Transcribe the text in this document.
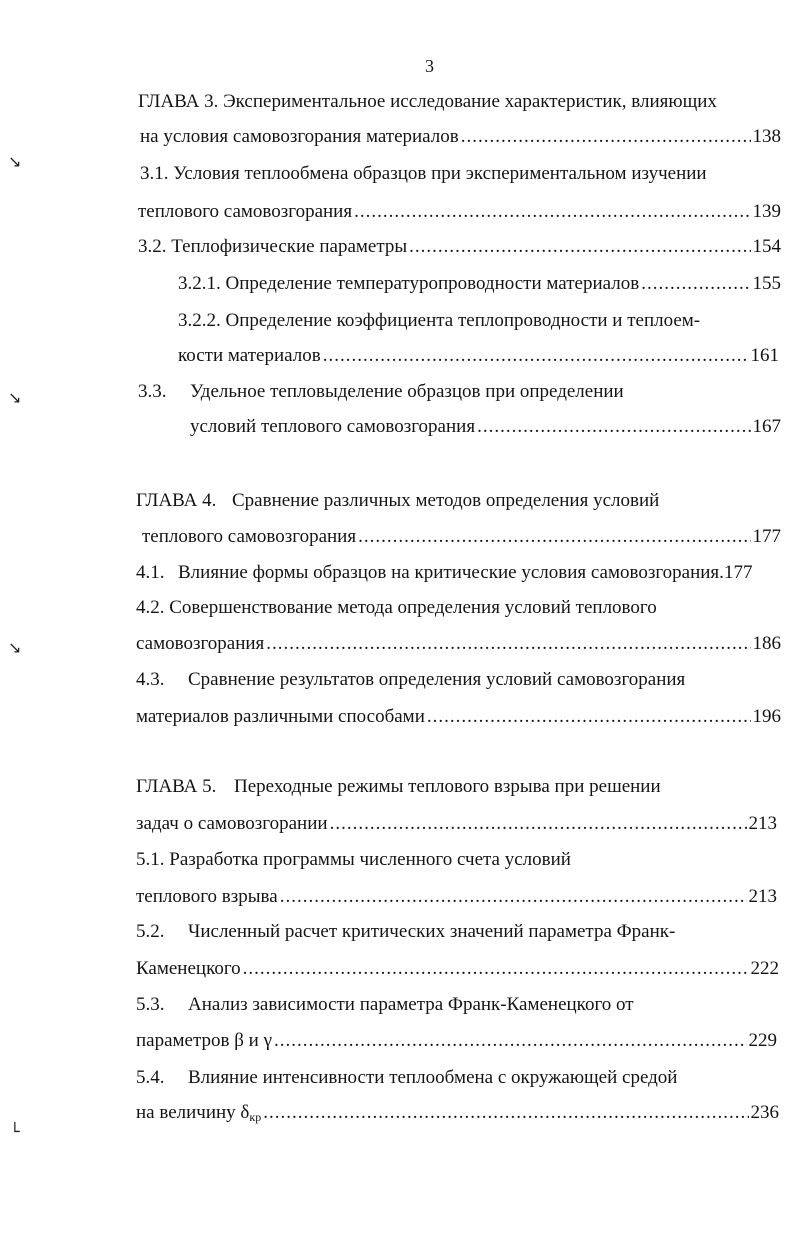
3
↘
↘
↘
└
ГЛАВА 3. Экспериментальное исследование характеристик, влияющих
на условия самовозгорания материалов .....	138
3.1. Условия теплообмена образцов при экспериментальном изучении
теплового самовозгорания .....	139
3.2. Теплофизические параметры .....	154
3.2.1. Определение температуропроводности материалов .....	155
3.2.2. Определение коэффициента теплопроводности и теплоем-
кости материалов .....	161
3.3. Удельное тепловыделение образцов при определении
условий теплового самовозгорания .....	167
ГЛАВА 4. Сравнение различных методов определения условий
теплового самовозгорания .....	177
4.1. Влияние формы образцов на критические условия самовозгорания.177
4.2. Совершенствование метода определения условий теплового
самовозгорания .....	186
4.3. Сравнение результатов определения условий самовозгорания
материалов различными способами .....	196
ГЛАВА 5. Переходные режимы теплового взрыва при решении
задач о самовозгорании .....	213
5.1. Разработка программы численного счета условий
теплового взрыва .....	213
5.2. Численный расчет критических значений параметра Франк-
Каменецкого .....	222
5.3. Анализ зависимости параметра Франк-Каменецкого от
параметров β и γ .....	229
5.4. Влияние интенсивности теплообмена с окружающей средой
на величину $\delta_{кр}$ .....	236
